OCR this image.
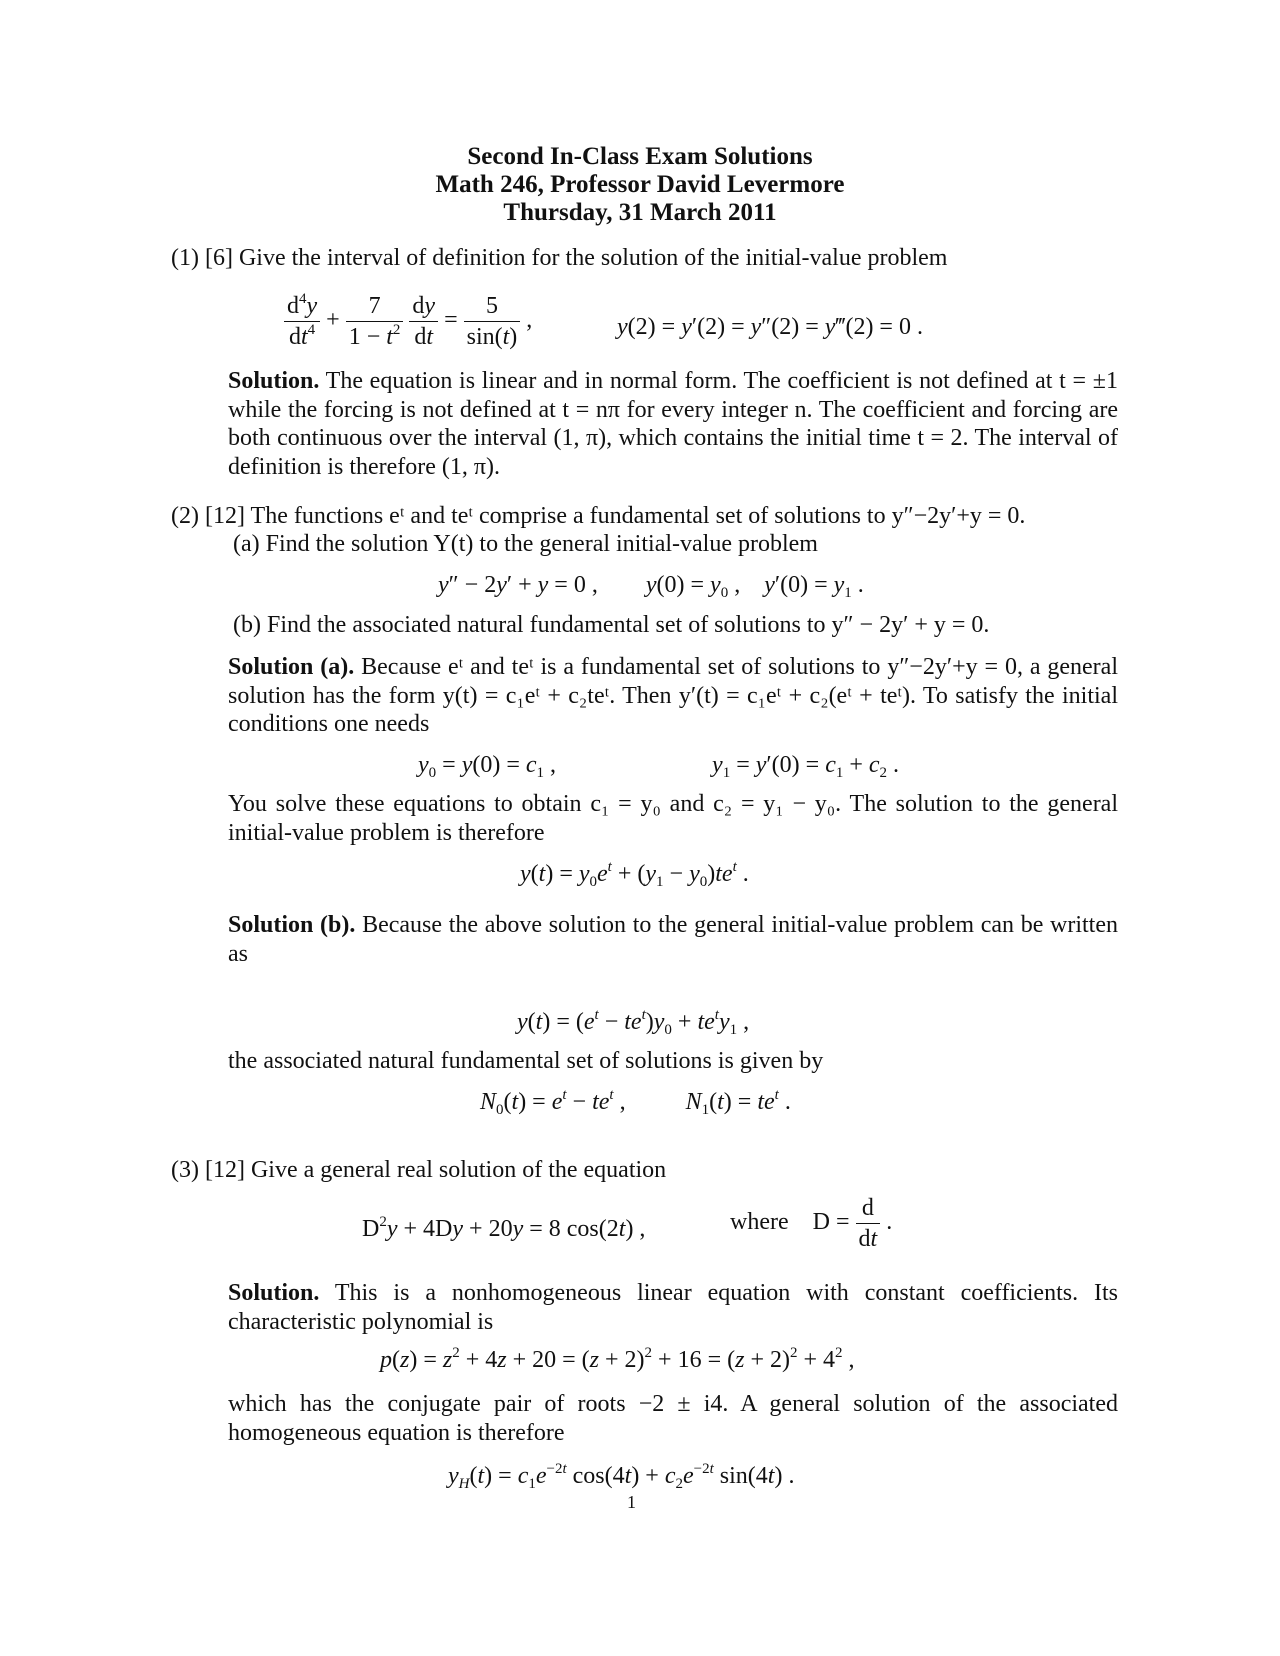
Second In-Class Exam Solutions
Math 246, Professor David Levermore
Thursday, 31 March 2011
(1) [6] Give the interval of definition for the solution of the initial-value problem
$\frac{d^4y}{dt^4} + \frac{7}{1 - t^2}$
$\frac{dy}{dt} = \frac{5}{\sin(t)}$ ,	y(2) = y′(2) = y″(2) = y‴(2) = 0 .
Solution. The equation is linear and in normal form. The coefficient is not defined at t = ±1 while the forcing is not defined at t = nπ for every integer n. The coefficient and forcing are both continuous over the interval (1, π), which contains the initial time t = 2. The interval of definition is therefore (1, π).
(2) [12] The functions eᵗ and teᵗ comprise a fundamental set of solutions to y″−2y′+y = 0.
(a) Find the solution Y(t) to the general initial-value problem
y″ − 2y′ + y = 0 ,        $y(0) = y_0$ ,    $y'(0) = y_1$ .
(b) Find the associated natural fundamental set of solutions to y″ − 2y′ + y = 0.
Solution (a). Because eᵗ and teᵗ is a fundamental set of solutions to y″−2y′+y = 0, a general solution has the form y(t) = c₁eᵗ + c₂teᵗ. Then y′(t) = c₁eᵗ + c₂(eᵗ + teᵗ). To satisfy the initial conditions one needs
$y_0 = y(0) = c_1$ ,                          $y_1 = y'(0) = c_1 + c_2$ .
You solve these equations to obtain c₁ = y₀ and c₂ = y₁ − y₀. The solution to the general initial-value problem is therefore
$y(t) = y_0e^t + (y_1 - y_0)te^t$ .
Solution (b). Because the above solution to the general initial-value problem can be written as
$y(t) = (e^t - te^t)y_0 + te^ty_1$ ,
the associated natural fundamental set of solutions is given by
$N_0(t) = e^t - te^t$ ,          $N_1(t) = te^t$ .
(3) [12] Give a general real solution of the equation
$D^2y + 4Dy + 20y = 8$ cos(2t) ,	where    $D = \frac{d}{dt}$ .
Solution. This is a nonhomogeneous linear equation with constant coefficients. Its characteristic polynomial is
$p(z) = z^2 + 4z + 20 = (z + 2)^2 + 16 = (z + 2)^2 + 4^2$ ,
which has the conjugate pair of roots −2 ± i4. A general solution of the associated homogeneous equation is therefore
$y_H(t) = c_1e^{-2t}$ $\cos(4t) + c_2e^{-2t}$ sin(4t) .
1
